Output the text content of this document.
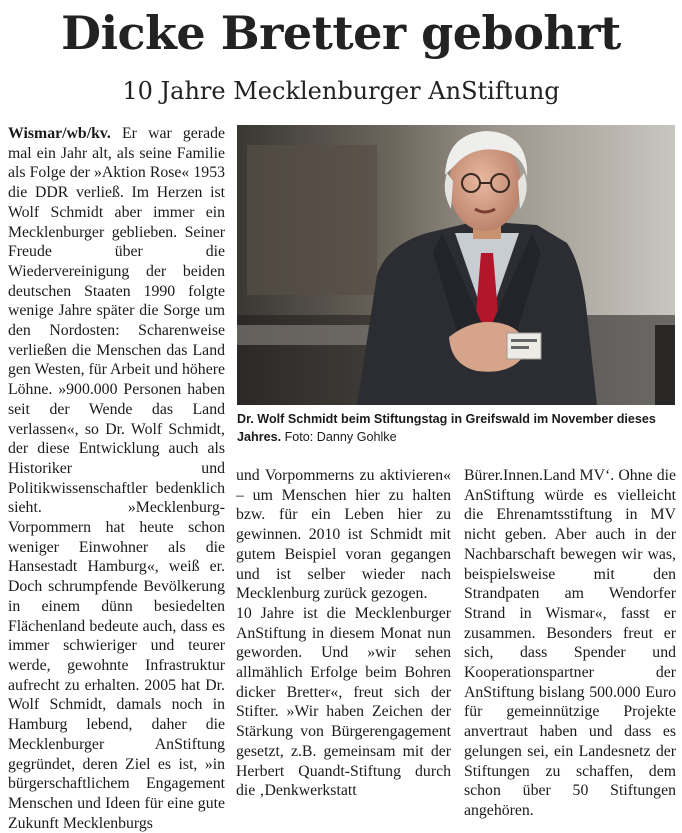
Dicke Bretter gebohrt
10 Jahre Mecklenburger AnStiftung

Wismar/wb/kv. Er war gerade mal ein Jahr alt, als seine Familie als Folge der »Aktion Rose« 1953 die DDR verließ. Im Herzen ist Wolf Schmidt aber immer ein Mecklenburger geblieben. Seiner Freude über die Wiedervereinigung der beiden deutschen Staaten 1990 folgte wenige Jahre später die Sorge um den Nordosten: Scharenweise verließen die Menschen das Land gen Westen, für Arbeit und höhere Löhne. »900.000 Personen haben seit der Wende das Land verlassen«, so Dr. Wolf Schmidt, der diese Entwicklung auch als Historiker und Politikwissenschaftler bedenklich sieht. »Mecklenburg-Vorpommern hat heute schon weniger Einwohner als die Hansestadt Hamburg«, weiß er. Doch schrumpfende Bevölkerung in einem dünn besiedelten Flächenland bedeute auch, dass es immer schwieriger und teurer werde, gewohnte Infrastruktur aufrecht zu erhalten. 2005 hat Dr. Wolf Schmidt, damals noch in Hamburg lebend, daher die Mecklenburger AnStiftung gegründet, deren Ziel es ist, »in bürgerschaftlichem Engagement Menschen und Ideen für eine gute Zukunft Mecklenburgs

Dr. Wolf Schmidt beim Stiftungstag in Greifswald im November dieses Jahres. Foto: Danny Gohlke

und Vorpommerns zu aktivieren« – um Menschen hier zu halten bzw. für ein Leben hier zu gewinnen. 2010 ist Schmidt mit gutem Beispiel voran gegangen und ist selber wieder nach Mecklenburg zurück gezogen.

10 Jahre ist die Mecklenburger AnStiftung in diesem Monat nun geworden. Und »wir sehen allmählich Erfolge beim Bohren dicker Bretter«, freut sich der Stifter. »Wir haben Zeichen der Stärkung von Bürgerengagement gesetzt, z.B. gemeinsam mit der Herbert Quandt-Stiftung durch die ‚Denkwerkstatt

Bürer.Innen.Land MV‘. Ohne die AnStiftung würde es vielleicht die Ehrenamtsstiftung in MV nicht geben. Aber auch in der Nachbarschaft bewegen wir was, beispielsweise mit den Strandpaten am Wendorfer Strand in Wismar«, fasst er zusammen. Besonders freut er sich, dass Spender und Kooperationspartner der AnStiftung bislang 500.000 Euro für gemeinnützige Projekte anvertraut haben und dass es gelungen sei, ein Landesnetz der Stiftungen zu schaffen, dem schon über 50 Stiftungen angehören.
